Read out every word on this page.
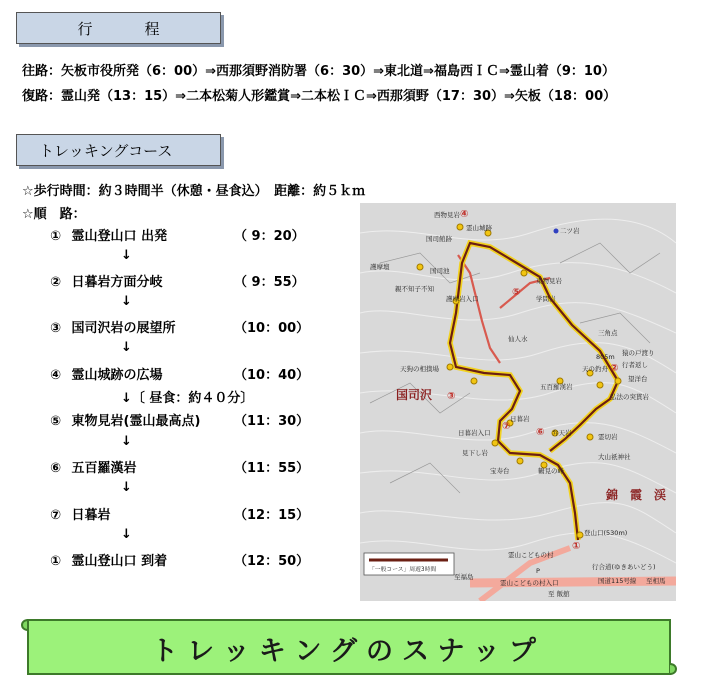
行程
往路：矢板市役所発（6：00）⇒西那須野消防署（6：30）⇒東北道⇒福島西ＩＣ⇒霊山着（9：10）
復路：霊山発（13：15）⇒二本松菊人形鑑賞⇒二本松ＩＣ⇒西那須野（17：30）⇒矢板（18：00）
トレッキングコース
☆歩行時間：約３時間半（休憩・昼食込）　距離：約５ｋｍ
☆順　路：
① 霊山登山口 出発	（ 9：20）
↓
② 日暮岩方面分岐	（ 9：55）
↓
③ 国司沢岩の展望所	（10：00）
↓
④ 霊山城跡の広場	（10：40）
↓〔 昼食：約４０分〕
⑤ 東物見岩(霊山最高点)	（11：30）
↓
⑥ 五百羅漢岩	（11：55）
↓
⑦ 日暮岩	（12：15）
↓
① 霊山登山口 到着	（12：50）
④
⑤
③
⑦
⑥
①
②
西物見岩
霊山城跡
国司館跡
二ツ岩
護摩壇	国司池
親不知子不知
護摩岩入口
東物見岩
学問岩
仙人水
天狗の相撲場
三角点
805m 猿の戸渡り
行者返し
天の釣舟
望洋台
五百羅漢岩
弘法の突貫岩
日暮岩
日暮岩入口	弁天岩
見下し岩
霊切岩
大山祇神社
宝寿台	鶴見の峰
登山口(530m)
霊山こどもの村
霊山こどもの村入口
行合道(ゆきあいどう)
国道115号線 至相馬
至福島
至 飯舘
P
国司沢
錦　霞　渓
「一般コース」周遊3時間
トレッキングのスナップ
